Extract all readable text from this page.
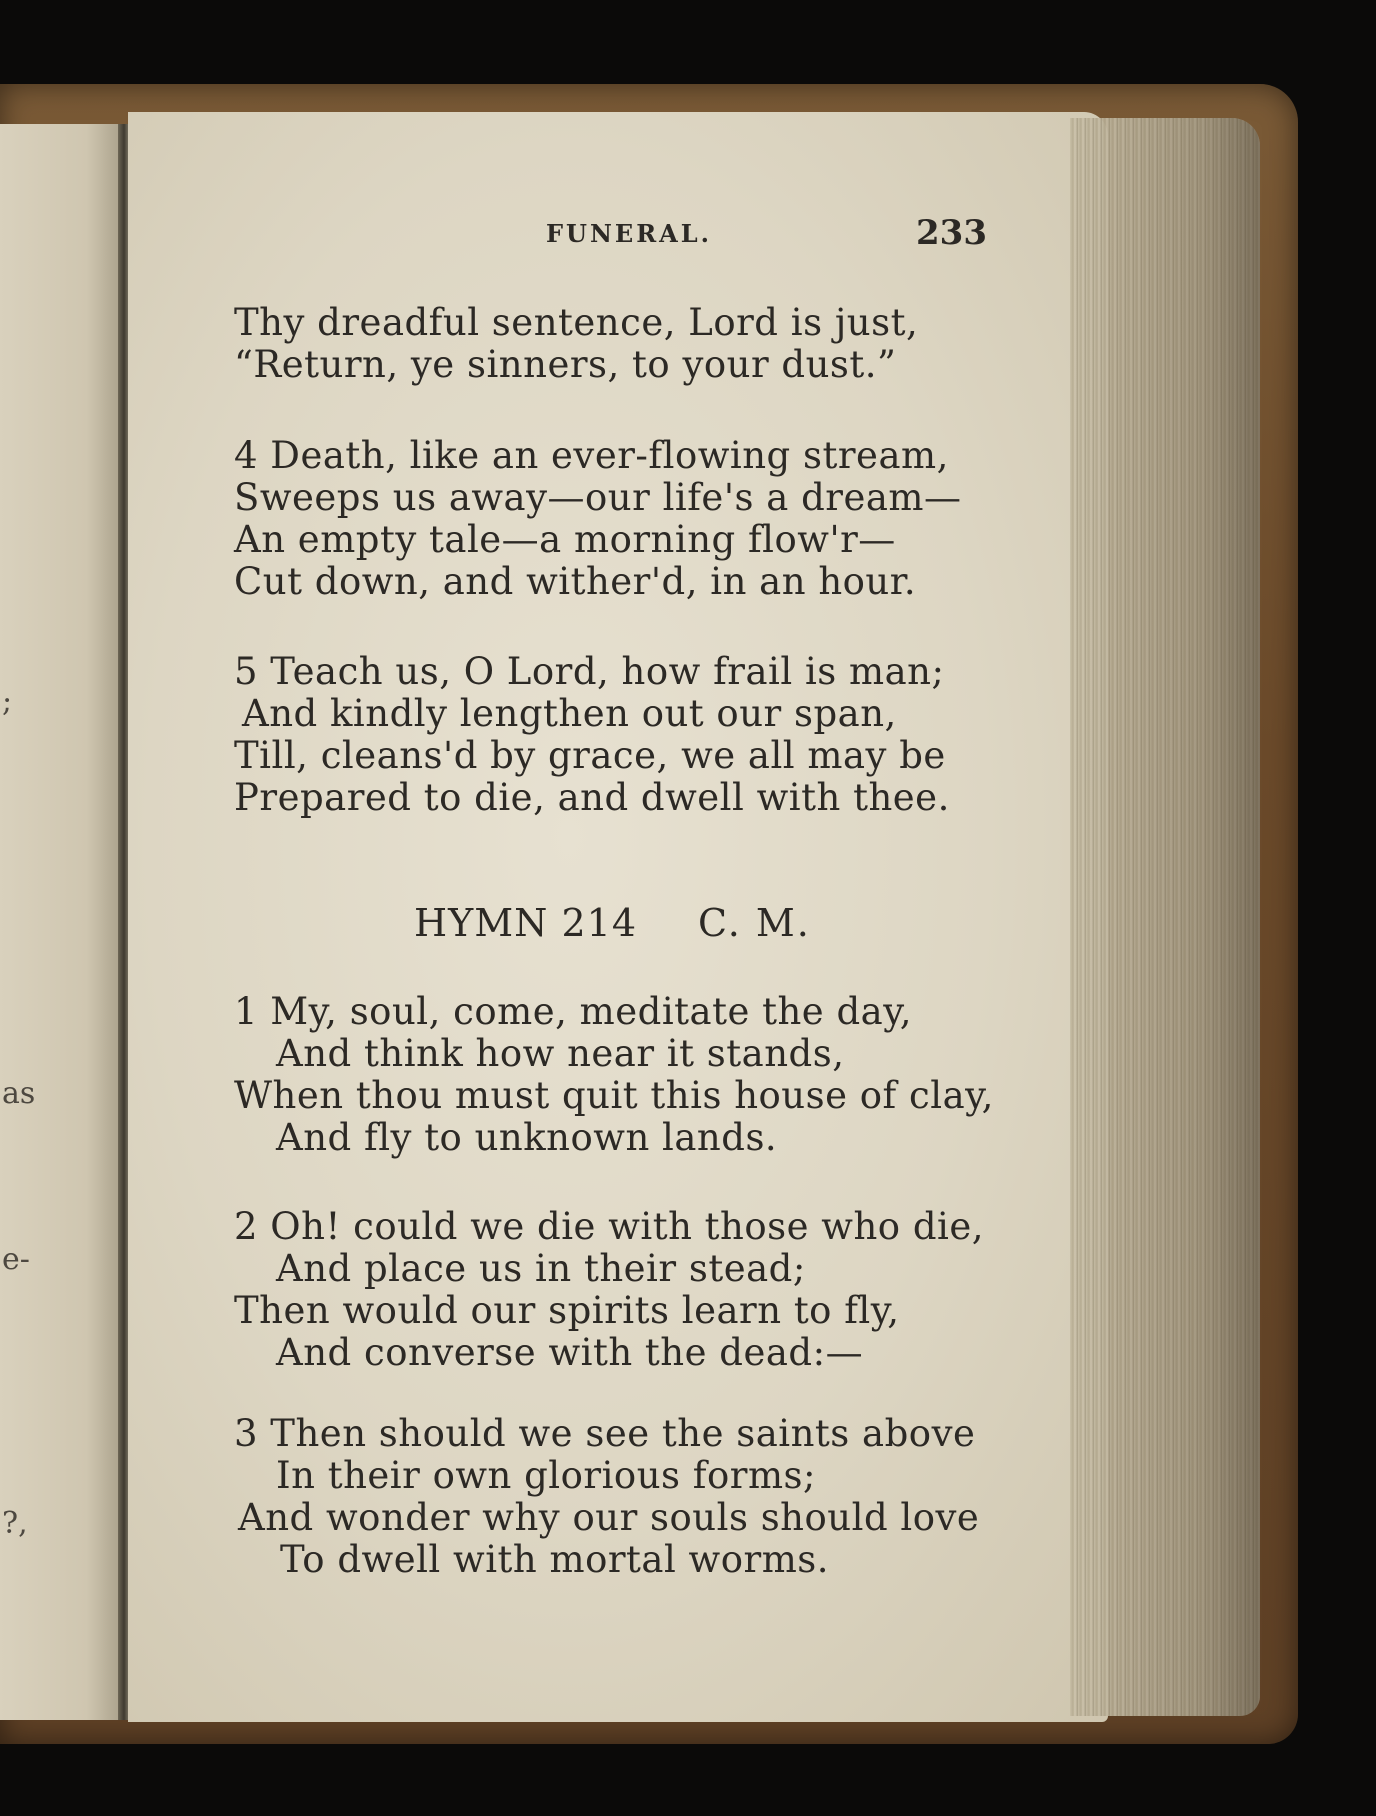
;
as
e-
?,
FUNERAL.	233
Thy dreadful sentence, Lord is just,
“Return, ye sinners, to your dust.”
4 Death, like an ever-flowing stream,
Sweeps us away—our life's a dream—
An empty tale—a morning flow'r—
Cut down, and wither'd, in an hour.
5 Teach us, O Lord, how frail is man;
And kindly lengthen out our span,
Till, cleans'd by grace, we all may be
Prepared to die, and dwell with thee.
HYMN 214 C. M.
1 My, soul, come, meditate the day,
And think how near it stands,
When thou must quit this house of clay,
And fly to unknown lands.
2 Oh! could we die with those who die,
And place us in their stead;
Then would our spirits learn to fly,
And converse with the dead:—
3 Then should we see the saints above
In their own glorious forms;
And wonder why our souls should love
To dwell with mortal worms.
